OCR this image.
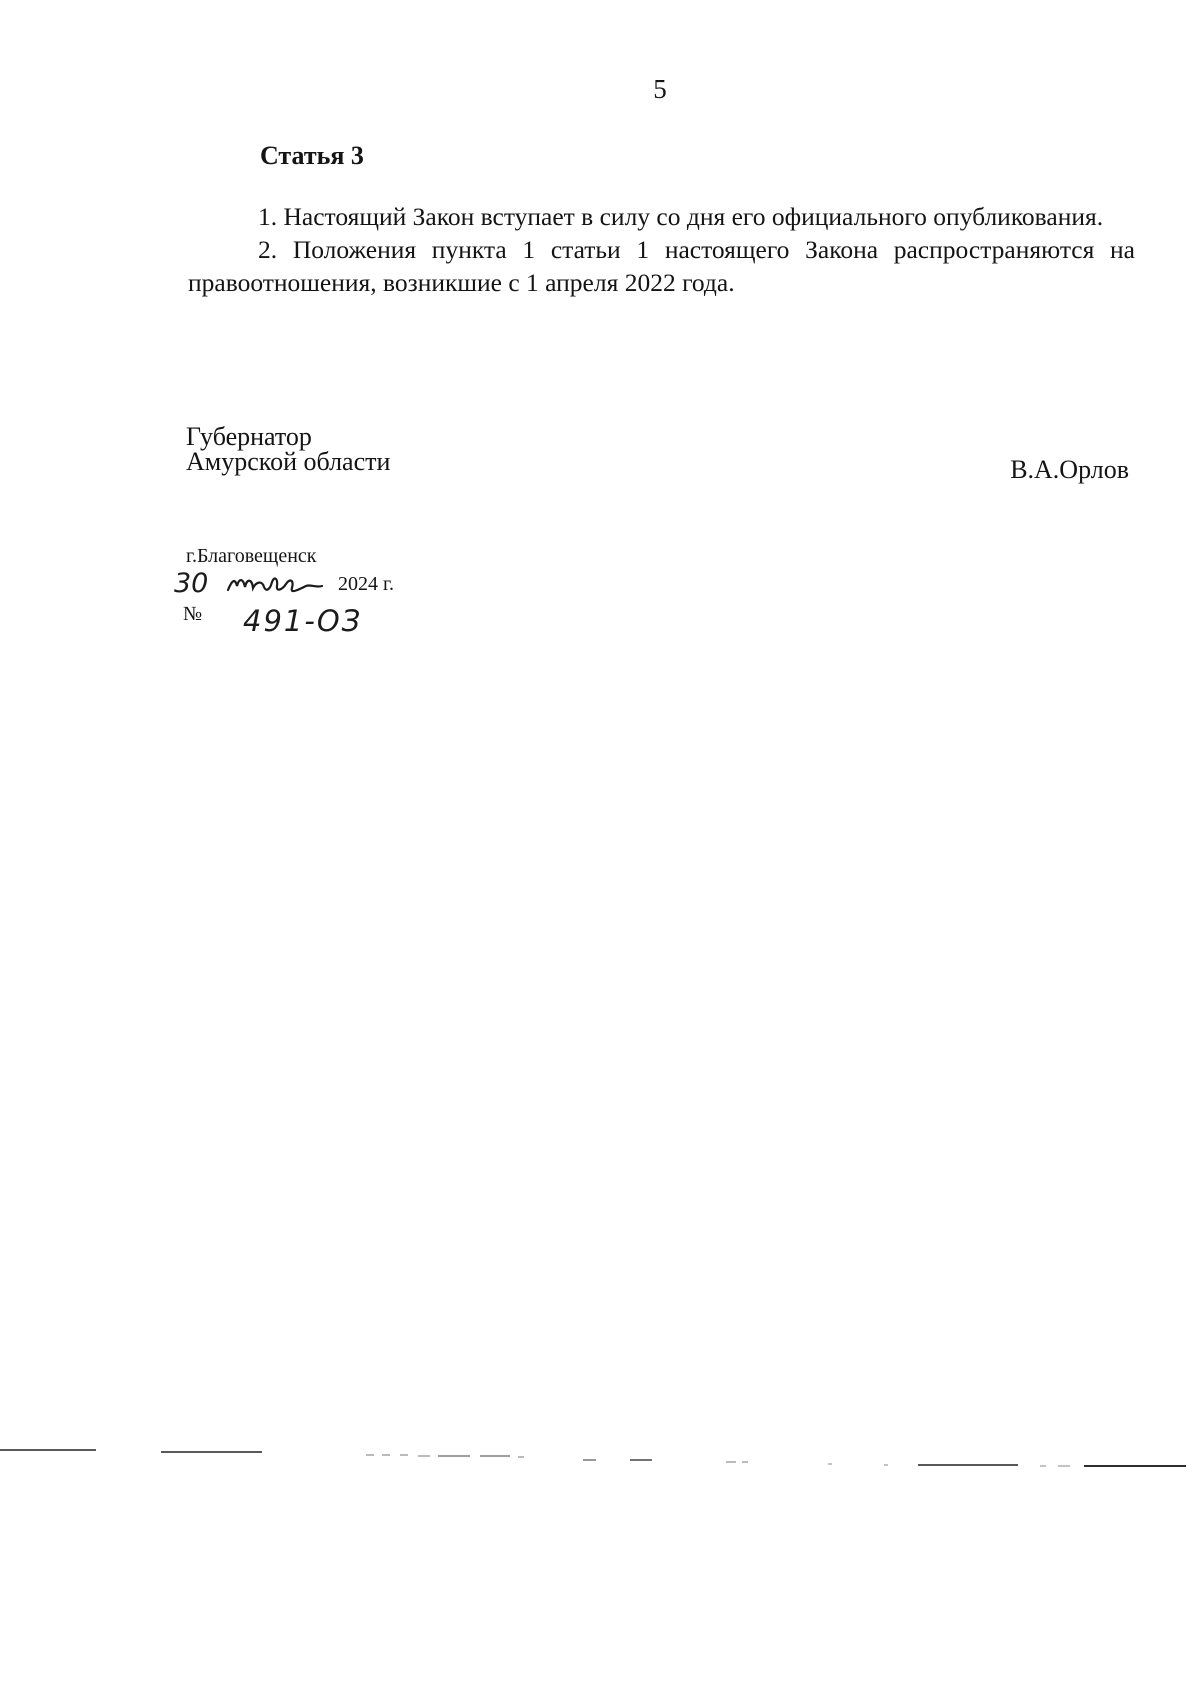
5
Статья 3

1. Настоящий Закон вступает в силу со дня его официального опубликования.

2. Положения пункта 1 статьи 1 настоящего Закона распространяются на правоотношения, возникшие с 1 апреля 2022 года.

Губернатор
Амурской области	В.А.Орлов
г.Благовещенск
30	2024 г.
№ 491-ОЗ
